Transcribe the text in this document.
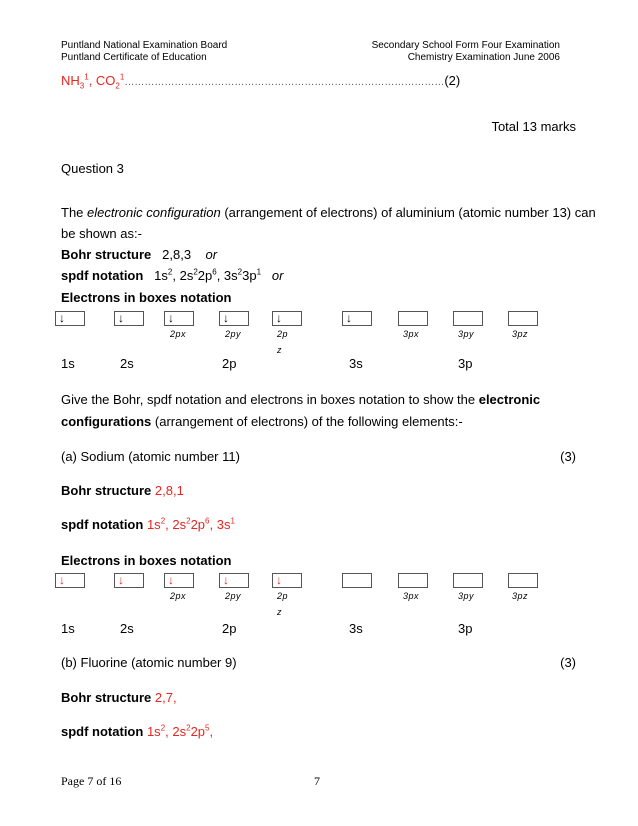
Puntland National Examination Board
Puntland Certificate of Education
Secondary School Form Four Examination
Chemistry Examination June 2006
$NH_3^1$, $CO_2^1\dots\dots\dots\dots\dots\dots\dots\dots\dots\dots\dots\dots\dots\dots\dots\dots\dots\dots\dots\dots\dots\dots\dots\dots\dots\dots\dots\dots\dots\dots\dots\dots(2)$
Total 13 marks
Question 3
The electronic configuration (arrangement of electrons) of aluminium (atomic number 13) can
be shown as:-
Bohr structure 2,8,3 or
spdf notation $1s^2$, $2s^22p^6$, $3s^23p^1$ or
Electrons in boxes notation
↓	↓	↓	↓	↓	↓
2px	2py	2p
z
3px	3py	3pz
1s	2s	2p	3s	3p
Give the Bohr, spdf notation and electrons in boxes notation to show the electronic
configurations (arrangement of electrons) of the following elements:-
(a) Sodium (atomic number 11)	(3)
Bohr structure 2,8,1
spdf notation $1s^2$, $2s^22p^6$, $3s^1$
Electrons in boxes notation
↓	↓	↓	↓	↓
2px	2py	2p
z
3px	3py	3pz
1s	2s	2p	3s	3p
(b) Fluorine (atomic number 9)	(3)
Bohr structure 2,7,
spdf notation $1s^2$, $2s^22p^5$,
Page 7 of 16	7
